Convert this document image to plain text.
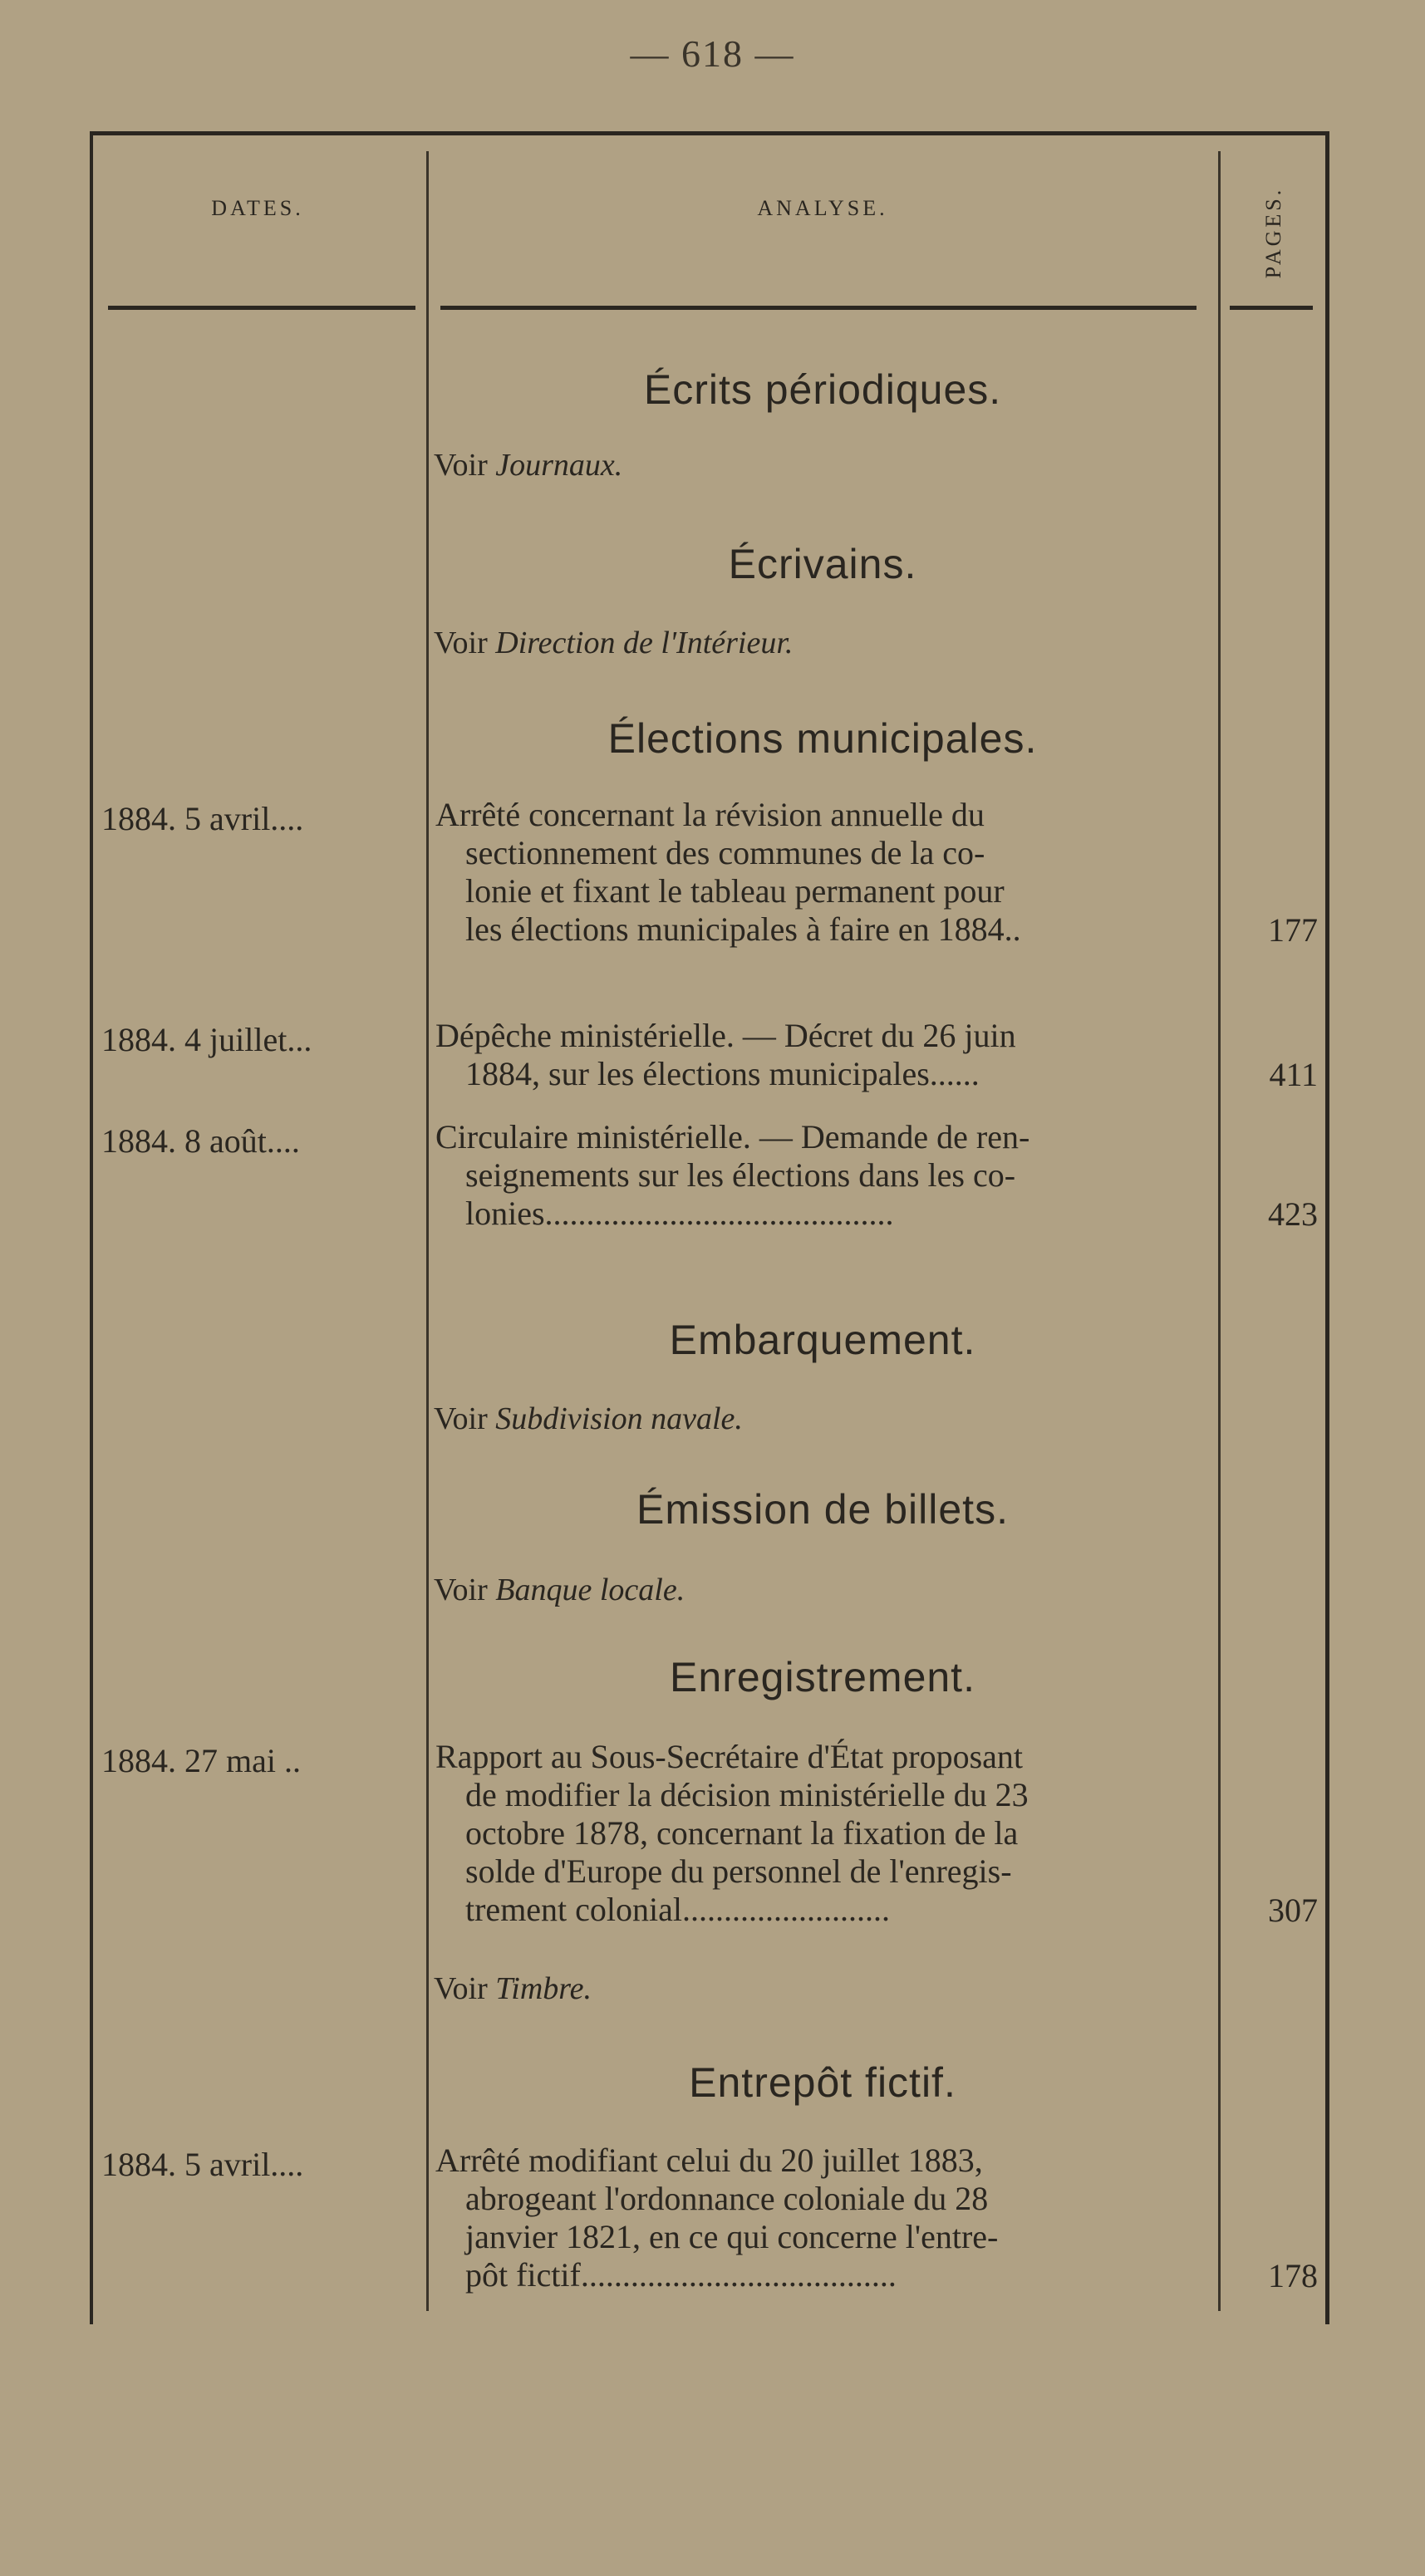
— 618 —
DATES.	ANALYSE.	PAGES.
Écrits périodiques.
Voir Journaux.
Écrivains.
Voir Direction de l'Intérieur.
Élections municipales.
1884. 5 avril....	Arrêté concernant la révision annuelle du
sectionnement des communes de la co-
lonie et fixant le tableau permanent pour
les élections municipales à faire en 1884..	177
1884. 4 juillet...	Dépêche ministérielle. — Décret du 26 juin
1884, sur les élections municipales......	411
1884. 8 août....	Circulaire ministérielle. — Demande de ren-
seignements sur les élections dans les co-
lonies..........................................	423
Embarquement.
Voir Subdivision navale.
Émission de billets.
Voir Banque locale.
Enregistrement.
1884. 27 mai ..	Rapport au Sous-Secrétaire d'État proposant
de modifier la décision ministérielle du 23
octobre 1878, concernant la fixation de la
solde d'Europe du personnel de l'enregis-
trement colonial.........................	307
Voir Timbre.
Entrepôt fictif.
1884. 5 avril....	Arrêté modifiant celui du 20 juillet 1883,
abrogeant l'ordonnance coloniale du 28
janvier 1821, en ce qui concerne l'entre-
pôt fictif......................................	178
